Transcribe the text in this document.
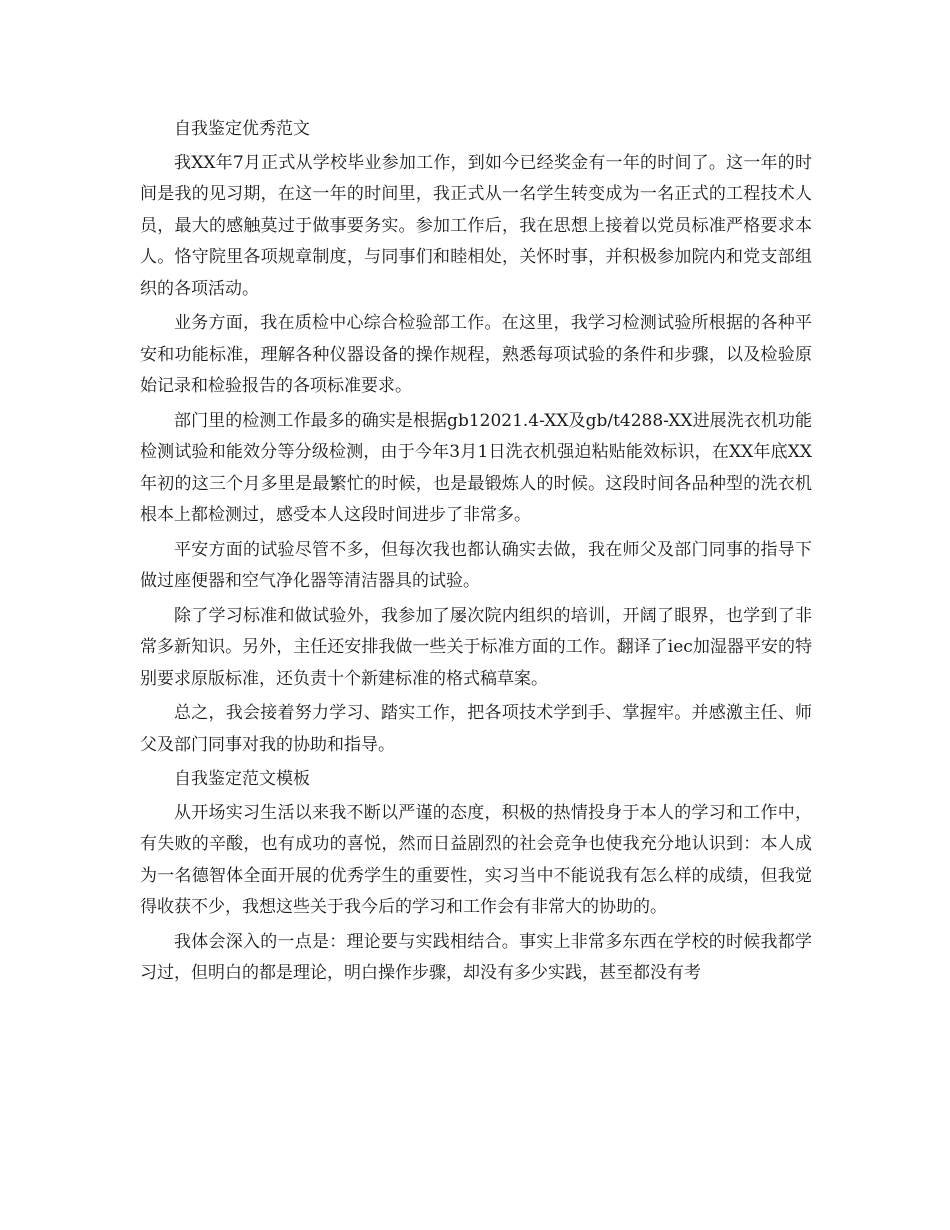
自我鉴定优秀范文

我XX年7月正式从学校毕业参加工作，到如今已经奖金有一年的时间了。这一年的时间是我的见习期，在这一年的时间里，我正式从一名学生转变成为一名正式的工程技术人员，最大的感触莫过于做事要务实。参加工作后，我在思想上接着以党员标准严格要求本人。恪守院里各项规章制度，与同事们和睦相处，关怀时事，并积极参加院内和党支部组织的各项活动。

业务方面，我在质检中心综合检验部工作。在这里，我学习检测试验所根据的各种平安和功能标准，理解各种仪器设备的操作规程，熟悉每项试验的条件和步骤，以及检验原始记录和检验报告的各项标准要求。

部门里的检测工作最多的确实是根据gb12021.4-XX及gb/t4288-XX进展洗衣机功能检测试验和能效分等分级检测，由于今年3月1日洗衣机强迫粘贴能效标识，在XX年底XX年初的这三个月多里是最繁忙的时候，也是最锻炼人的时候。这段时间各品种型的洗衣机根本上都检测过，感受本人这段时间进步了非常多。

平安方面的试验尽管不多，但每次我也都认确实去做，我在师父及部门同事的指导下做过座便器和空气净化器等清洁器具的试验。

除了学习标准和做试验外，我参加了屡次院内组织的培训，开阔了眼界，也学到了非常多新知识。另外，主任还安排我做一些关于标准方面的工作。翻译了iec加湿器平安的特别要求原版标准，还负责十个新建标准的格式稿草案。

总之，我会接着努力学习、踏实工作，把各项技术学到手、掌握牢。并感激主任、师父及部门同事对我的协助和指导。

自我鉴定范文模板

从开场实习生活以来我不断以严谨的态度，积极的热情投身于本人的学习和工作中，有失败的辛酸，也有成功的喜悦，然而日益剧烈的社会竞争也使我充分地认识到：本人成为一名德智体全面开展的优秀学生的重要性，实习当中不能说我有怎么样的成绩，但我觉得收获不少，我想这些关于我今后的学习和工作会有非常大的协助的。

我体会深入的一点是：理论要与实践相结合。事实上非常多东西在学校的时候我都学习过，但明白的都是理论，明白操作步骤，却没有多少实践，甚至都没有考
